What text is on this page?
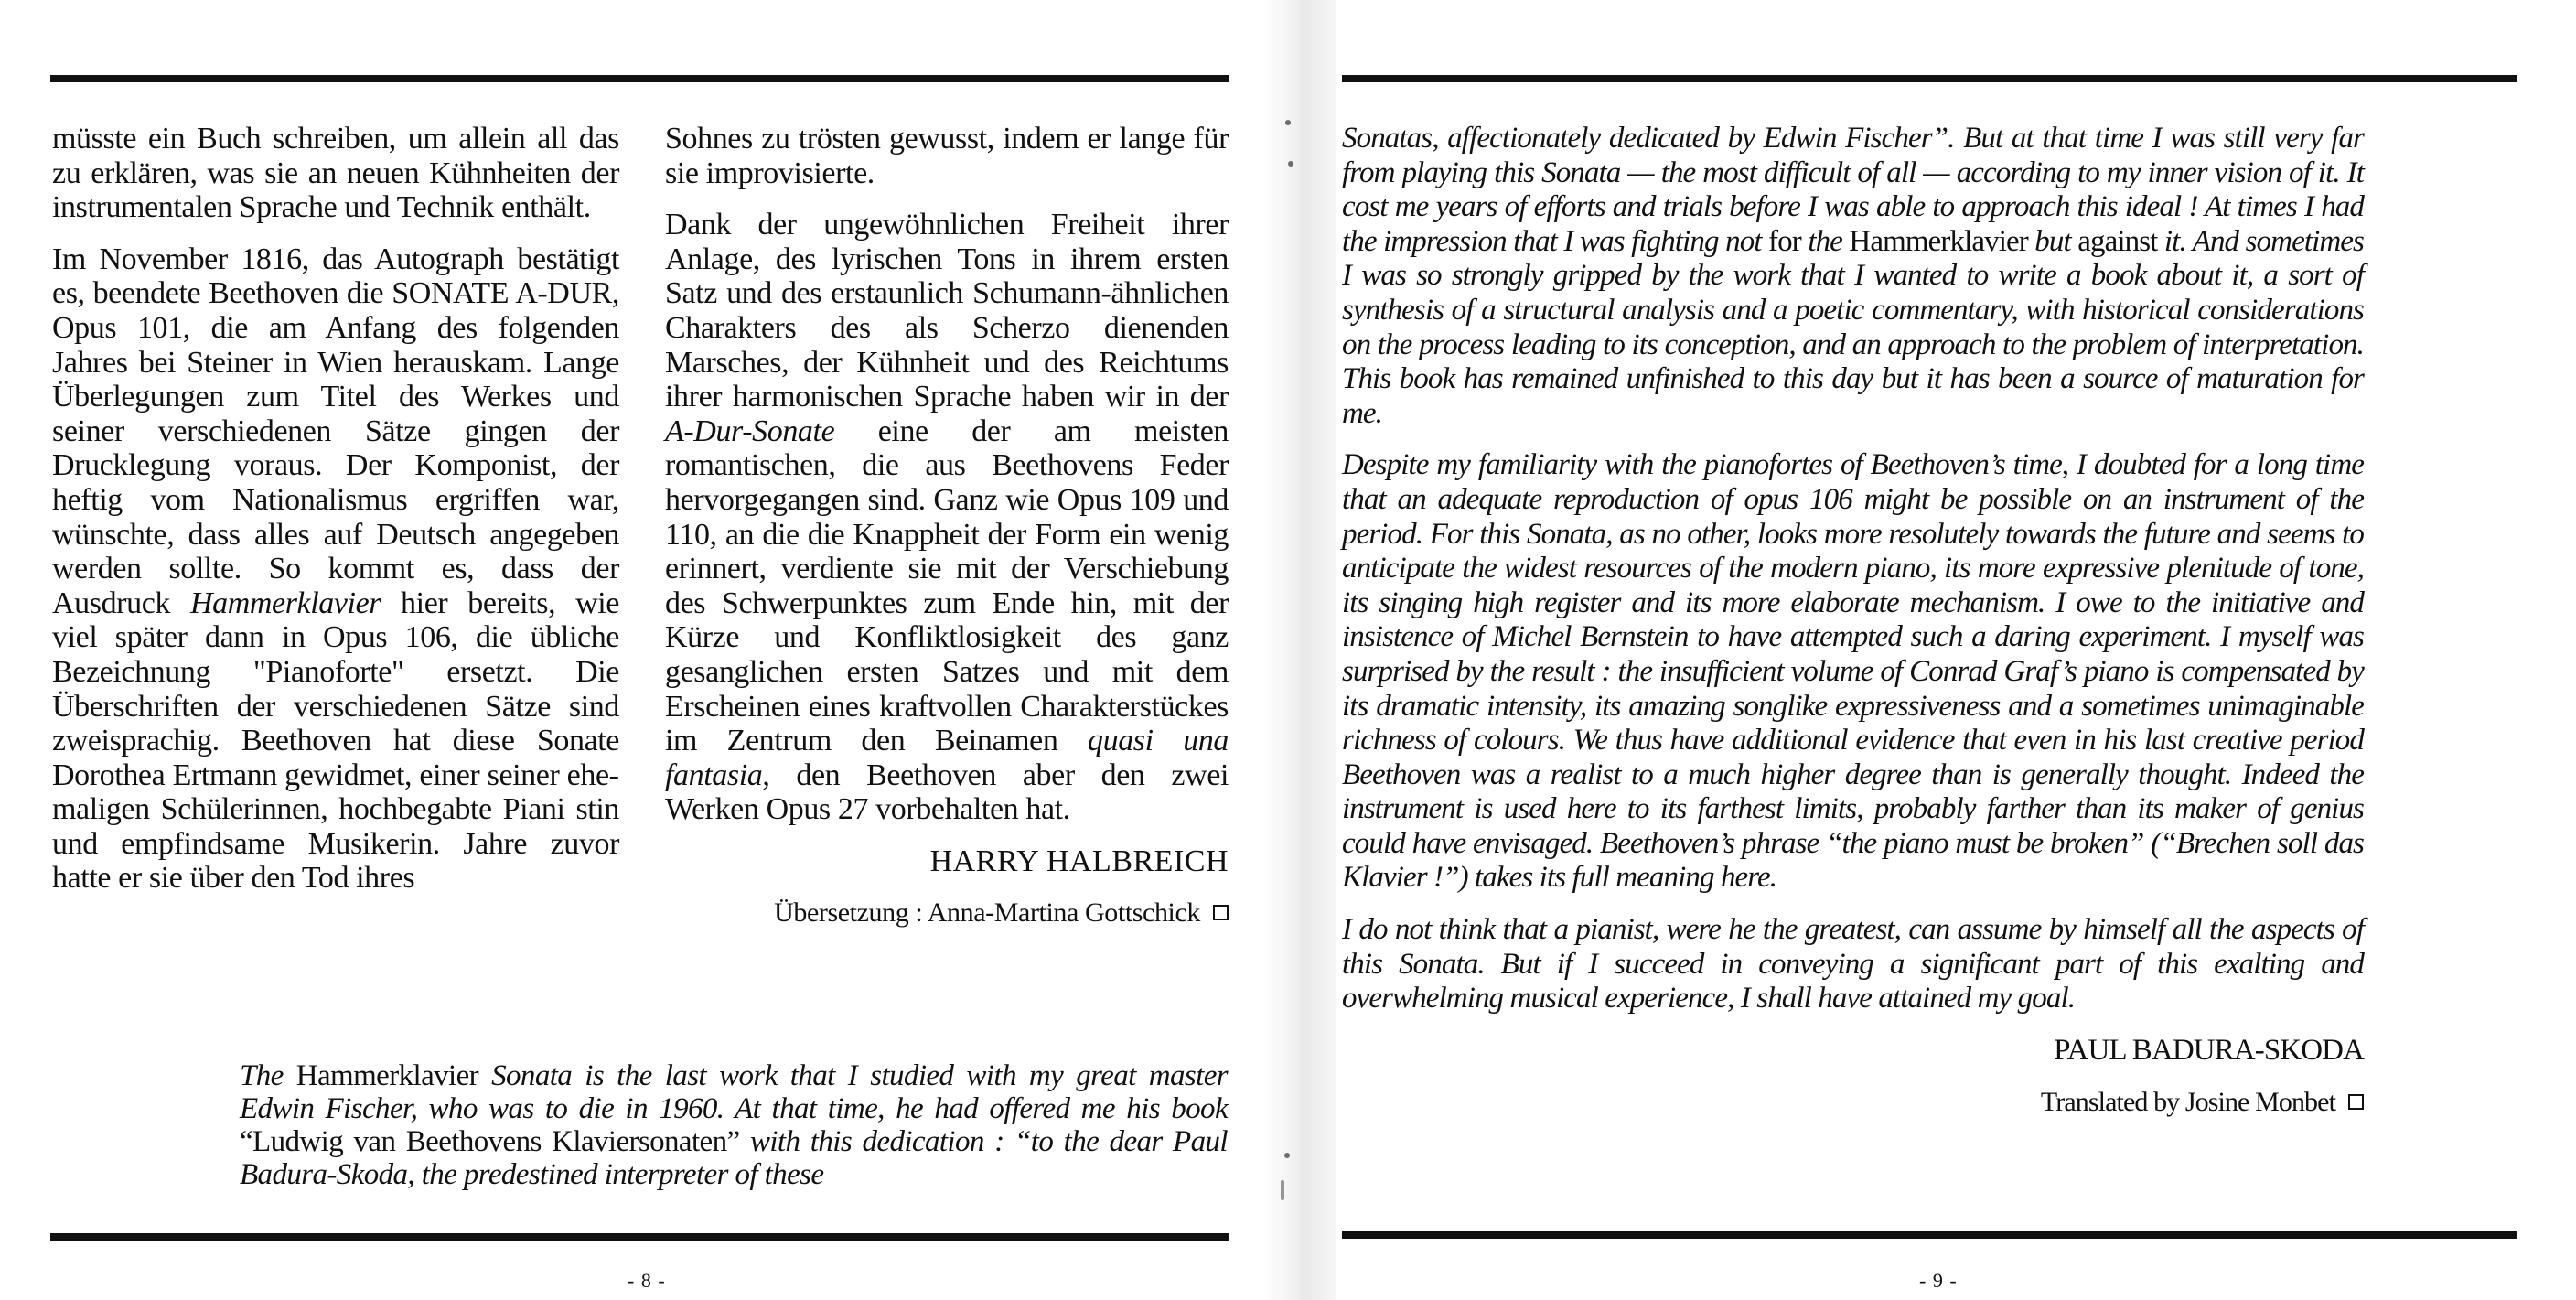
müsste ein Buch schreiben, um allein all das zu erklären, was sie an neuen Kühnheiten der instrumentalen Sprache und Technik enthält.

Im November 1816, das Autograph bestätigt es, beendete Beethoven die SONATE A-DUR, Opus 101, die am Anfang des folgenden Jahres bei Steiner in Wien herauskam. Lange Überlegungen zum Titel des Werkes und seiner verschiedenen Sätze gingen der Drucklegung voraus. Der Komponist, der heftig vom Nationalismus ergriffen war, wünschte, dass alles auf Deutsch angegeben werden sollte. So kommt es, dass der Ausdruck Hammerklavier hier bereits, wie viel später dann in Opus 106, die übliche Bezeichnung "Pianoforte" ersetzt. Die Überschriften der verschiedenen Sätze sind zweisprachig. Beethoven hat diese Sonate Dorothea Ertmann gewidmet, einer seiner ehemaligen Schülerinnen, hochbegabte Piani stin und empfindsame Musikerin. Jahre zuvor hatte er sie über den Tod ihres

Sohnes zu trösten gewusst, indem er lange für sie improvisierte.

Dank der ungewöhnlichen Freiheit ihrer Anlage, des lyrischen Tons in ihrem ersten Satz und des erstaunlich Schumann-ähnlichen Charakters des als Scherzo dienenden Marsches, der Kühnheit und des Reichtums ihrer harmonischen Sprache haben wir in der A-Dur-Sonate eine der am meisten romantischen, die aus Beethovens Feder hervorgegangen sind. Ganz wie Opus 109 und 110, an die die Knappheit der Form ein wenig erinnert, verdiente sie mit der Verschiebung des Schwerpunktes zum Ende hin, mit der Kürze und Konfliktlosigkeit des ganz gesanglichen ersten Satzes und mit dem Erscheinen eines kraftvollen Charakterstückes im Zentrum den Beinamen quasi una fantasia, den Beethoven aber den zwei Werken Opus 27 vorbehalten hat.

HARRY HALBREICH

Übersetzung : Anna-Martina Gottschick

The Hammerklavier Sonata is the last work that I studied with my great master Edwin Fischer, who was to die in 1960. At that time, he had offered me his book “Ludwig van Beethovens Klaviersonaten” with this dedication : “to the dear Paul Badura-Skoda, the predestined interpreter of these

- 8 -

Sonatas, affectionately dedicated by Edwin Fischer”. But at that time I was still very far from playing this Sonata — the most difficult of all — according to my inner vision of it. It cost me years of efforts and trials before I was able to approach this ideal ! At times I had the impression that I was fighting not for the Hammerklavier but against it. And sometimes I was so strongly gripped by the work that I wanted to write a book about it, a sort of synthesis of a structural analysis and a poetic commentary, with historical considerations on the process leading to its conception, and an approach to the problem of interpretation. This book has remained unfinished to this day but it has been a source of maturation for me.

Despite my familiarity with the pianofortes of Beethoven’s time, I doubted for a long time that an adequate reproduction of opus 106 might be possible on an instrument of the period. For this Sonata, as no other, looks more resolutely towards the future and seems to anticipate the widest resources of the modern piano, its more expressive plenitude of tone, its singing high register and its more elaborate mechanism. I owe to the initiative and insistence of Michel Bernstein to have attempted such a daring experiment. I myself was surprised by the result : the insufficient volume of Conrad Graf’s piano is compensated by its dramatic intensity, its amazing songlike expressiveness and a sometimes unimaginable richness of colours. We thus have additional evidence that even in his last creative period Beethoven was a realist to a much higher degree than is generally thought. Indeed the instrument is used here to its farthest limits, probably farther than its maker of genius could have envisaged. Beethoven’s phrase “the piano must be broken” (“Brechen soll das Klavier !”) takes its full meaning here.

I do not think that a pianist, were he the greatest, can assume by himself all the aspects of this Sonata. But if I succeed in conveying a significant part of this exalting and overwhelming musical experience, I shall have attained my goal.

PAUL BADURA-SKODA

Translated by Josine Monbet

- 9 -
